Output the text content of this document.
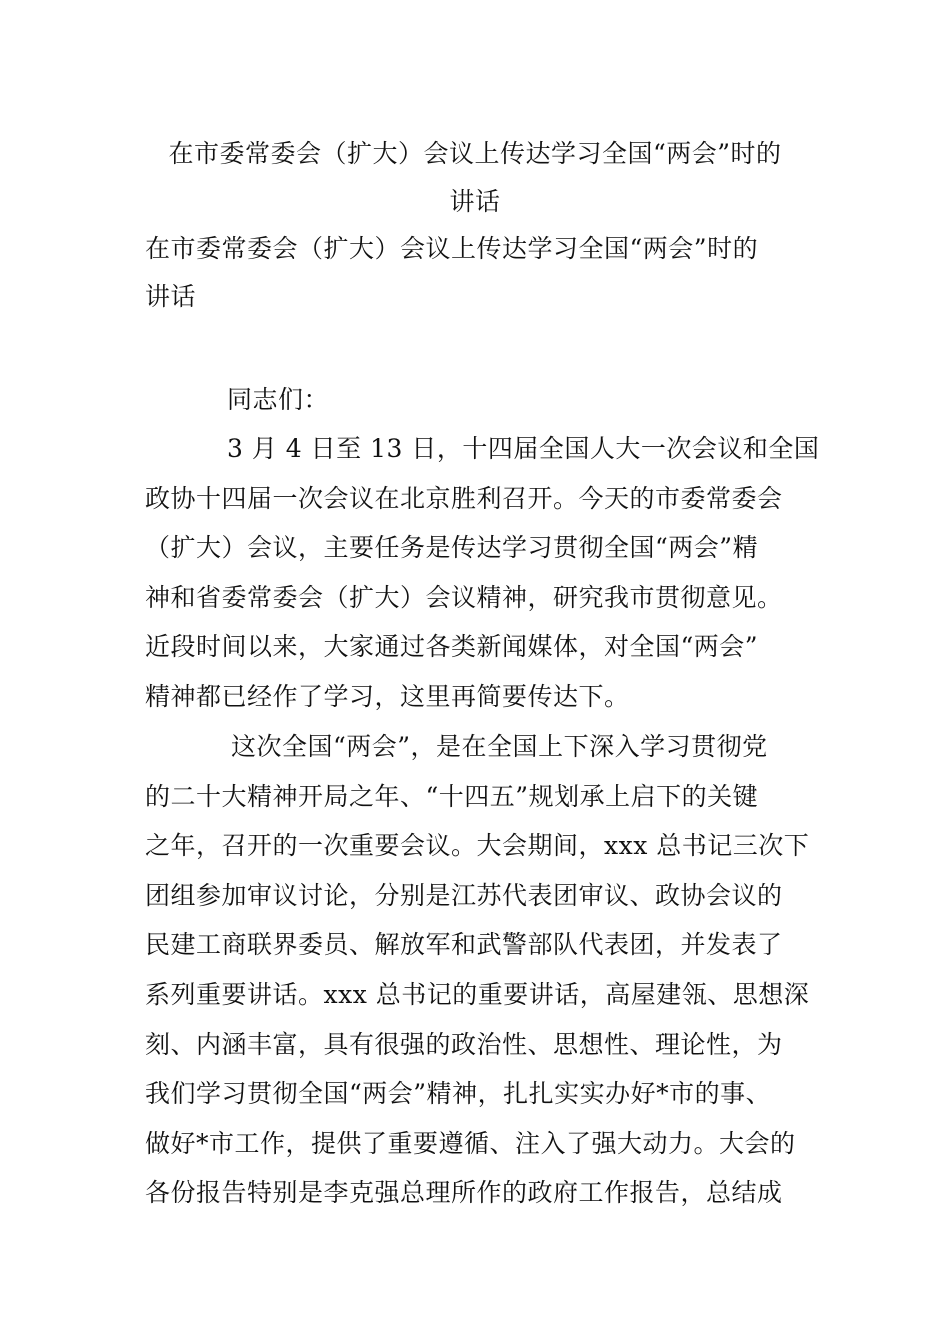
在市委常委会（扩大）会议上传达学习全国“两会”时的
讲话
在市委常委会（扩大）会议上传达学习全国“两会”时的
讲话
同志们：
3 月 4 日至 13 日，十四届全国人大一次会议和全国
政协十四届一次会议在北京胜利召开。今天的市委常委会
（扩大）会议，主要任务是传达学习贯彻全国“两会”精
神和省委常委会（扩大）会议精神，研究我市贯彻意见。
近段时间以来，大家通过各类新闻媒体，对全国“两会”
精神都已经作了学习，这里再简要传达下。
这次全国“两会”，是在全国上下深入学习贯彻党
的二十大精神开局之年、“十四五”规划承上启下的关键
之年，召开的一次重要会议。大会期间，xxx 总书记三次下
团组参加审议讨论，分别是江苏代表团审议、政协会议的
民建工商联界委员、解放军和武警部队代表团，并发表了
系列重要讲话。xxx 总书记的重要讲话，高屋建瓴、思想深
刻、内涵丰富，具有很强的政治性、思想性、理论性，为
我们学习贯彻全国“两会”精神，扎扎实实办好*市的事、
做好*市工作，提供了重要遵循、注入了强大动力。大会的
各份报告特别是李克强总理所作的政府工作报告，总结成
